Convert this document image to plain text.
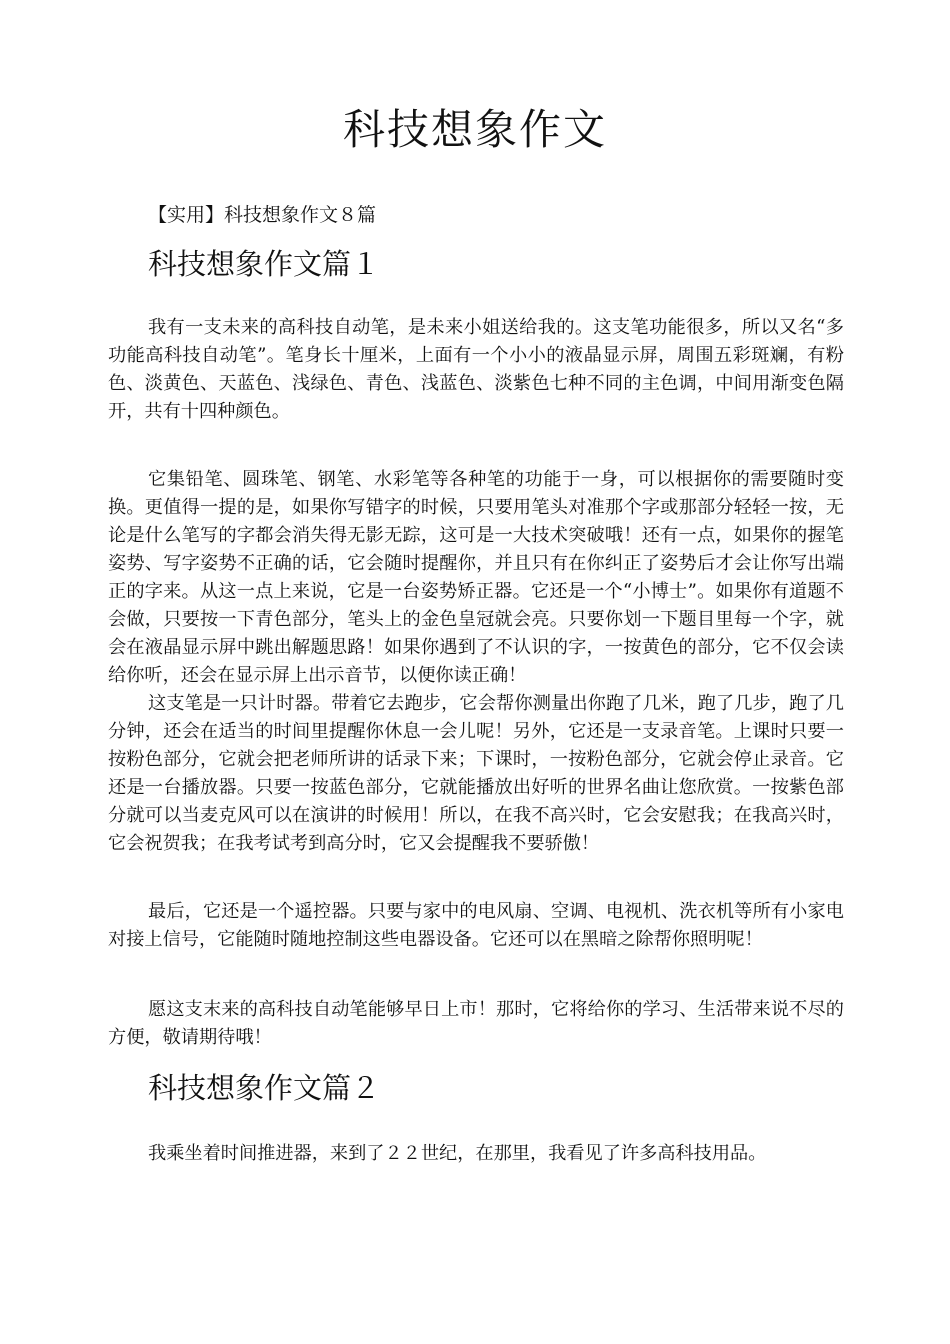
科技想象作文

【实用】科技想象作文８篇

科技想象作文篇１

我有一支未来的高科技自动笔，是未来小姐送给我的。这支笔功能很多，所以又名“多功能高科技自动笔”。笔身长十厘米，上面有一个小小的液晶显示屏，周围五彩斑斓，有粉色、淡黄色、天蓝色、浅绿色、青色、浅蓝色、淡紫色七种不同的主色调，中间用渐变色隔开，共有十四种颜色。

它集铅笔、圆珠笔、钢笔、水彩笔等各种笔的功能于一身，可以根据你的需要随时变换。更值得一提的是，如果你写错字的时候，只要用笔头对准那个字或那部分轻轻一按，无论是什么笔写的字都会消失得无影无踪，这可是一大技术突破哦！还有一点，如果你的握笔姿势、写字姿势不正确的话，它会随时提醒你，并且只有在你纠正了姿势后才会让你写出端正的字来。从这一点上来说，它是一台姿势矫正器。它还是一个“小博士”。如果你有道题不会做，只要按一下青色部分，笔头上的金色皇冠就会亮。只要你划一下题目里每一个字，就会在液晶显示屏中跳出解题思路！如果你遇到了不认识的字，一按黄色的部分，它不仅会读给你听，还会在显示屏上出示音节，以便你读正确！

这支笔是一只计时器。带着它去跑步，它会帮你测量出你跑了几米，跑了几步，跑了几分钟，还会在适当的时间里提醒你休息一会儿呢！另外，它还是一支录音笔。上课时只要一按粉色部分，它就会把老师所讲的话录下来；下课时，一按粉色部分，它就会停止录音。它还是一台播放器。只要一按蓝色部分，它就能播放出好听的世界名曲让您欣赏。一按紫色部分就可以当麦克风可以在演讲的时候用！所以，在我不高兴时，它会安慰我；在我高兴时，它会祝贺我；在我考试考到高分时，它又会提醒我不要骄傲！

最后，它还是一个遥控器。只要与家中的电风扇、空调、电视机、洗衣机等所有小家电对接上信号，它能随时随地控制这些电器设备。它还可以在黑暗之除帮你照明呢！

愿这支末来的高科技自动笔能够早日上市！那时，它将给你的学习、生活带来说不尽的方便，敬请期待哦！

科技想象作文篇２

我乘坐着时间推进器，来到了２２世纪，在那里，我看见了许多高科技用品。
